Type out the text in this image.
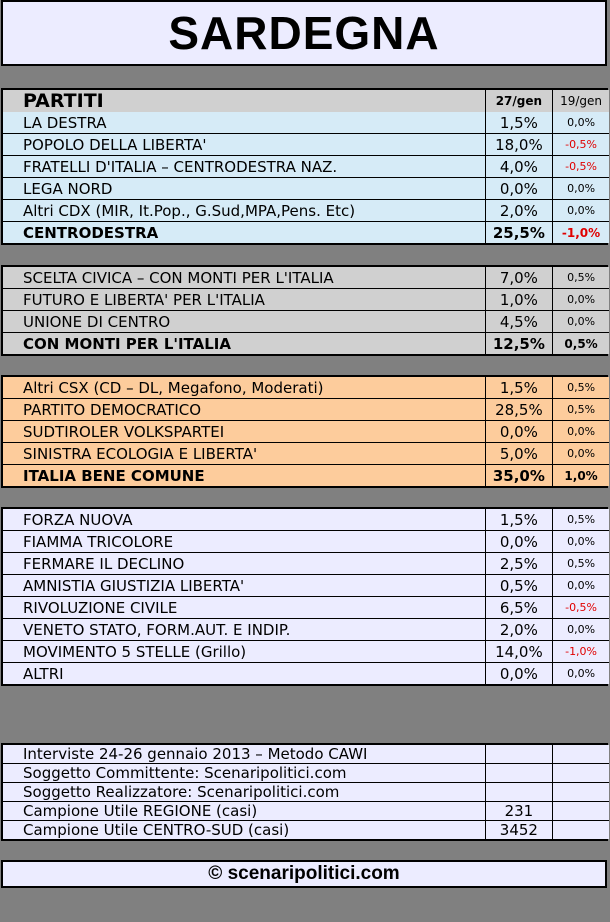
SARDEGNA
PARTITI	27/gen	19/gen
LA DESTRA	1,5%	0,0%
POPOLO DELLA LIBERTA'	18,0%	-0,5%
FRATELLI D'ITALIA – CENTRODESTRA NAZ.	4,0%	-0,5%
LEGA NORD	0,0%	0,0%
Altri CDX (MIR, It.Pop., G.Sud,MPA,Pens. Etc)	2,0%	0,0%
CENTRODESTRA	25,5%	-1,0%
SCELTA CIVICA – CON MONTI PER L'ITALIA	7,0%	0,5%
FUTURO E LIBERTA' PER L'ITALIA	1,0%	0,0%
UNIONE DI CENTRO	4,5%	0,0%
CON MONTI PER L'ITALIA	12,5%	0,5%
Altri CSX (CD – DL, Megafono, Moderati)	1,5%	0,5%
PARTITO DEMOCRATICO	28,5%	0,5%
SUDTIROLER VOLKSPARTEI	0,0%	0,0%
SINISTRA ECOLOGIA E LIBERTA'	5,0%	0,0%
ITALIA BENE COMUNE	35,0%	1,0%
FORZA NUOVA	1,5%	0,5%
FIAMMA TRICOLORE	0,0%	0,0%
FERMARE IL DECLINO	2,5%	0,5%
AMNISTIA GIUSTIZIA LIBERTA'	0,5%	0,0%
RIVOLUZIONE CIVILE	6,5%	-0,5%
VENETO STATO, FORM.AUT. E INDIP.	2,0%	0,0%
MOVIMENTO 5 STELLE (Grillo)	14,0%	-1,0%
ALTRI	0,0%	0,0%
Interviste 24-26 gennaio 2013 – Metodo CAWI		
Soggetto Committente: Scenaripolitici.com		
Soggetto Realizzatore: Scenaripolitici.com		
Campione Utile REGIONE (casi)	231	
Campione Utile CENTRO-SUD (casi)	3452	
© scenaripolitici.com
